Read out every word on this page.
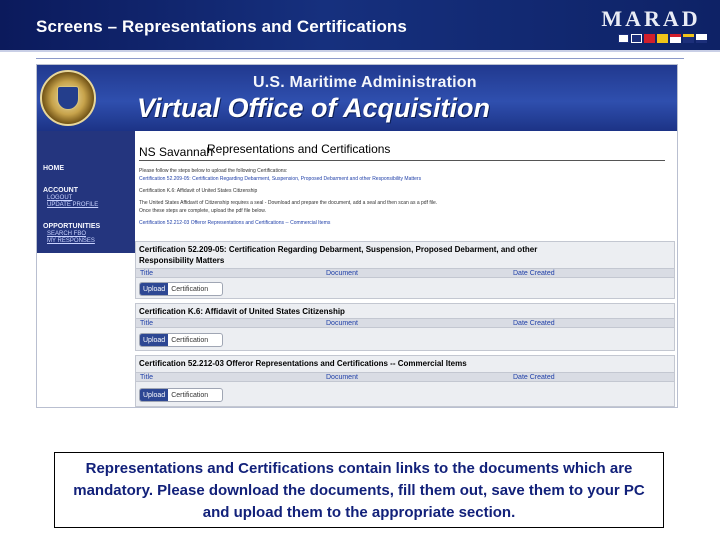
Screens – Representations and Certifications	MARAD
U.S. Maritime Administration
Virtual Office of Acquisition
HOME
ACCOUNT
LOGOUT
UPDATE PROFILE
OPPORTUNITIES
SEARCH FBO
MY RESPONSES
NS Savannah
Representations and Certifications
Please follow the steps below to upload the following Certifications:
Certification 52.209-05: Certification Regarding Debarment, Suspension, Proposed Debarment and other Responsibility Matters
Certification K.6: Affidavit of United States Citizenship
The United States Affidavit of Citizenship requires a seal - Download and prepare the document, add a seal and then scan as a pdf file.
Once these steps are complete, upload the pdf file below.
Certification 52.212-03 Offeror Representations and Certifications -- Commercial Items
Certification 52.209-05: Certification Regarding Debarment, Suspension, Proposed Debarment, and other Responsibility Matters
Title	Document	Date Created
Upload Certification
Certification K.6: Affidavit of United States Citizenship
Title	Document	Date Created
Upload Certification
Certification 52.212-03 Offeror Representations and Certifications -- Commercial Items
Title	Document	Date Created
Upload Certification
Representations and Certifications contain links to the documents which are mandatory. Please download the documents, fill them out, save them to your PC and upload them to the appropriate section.
